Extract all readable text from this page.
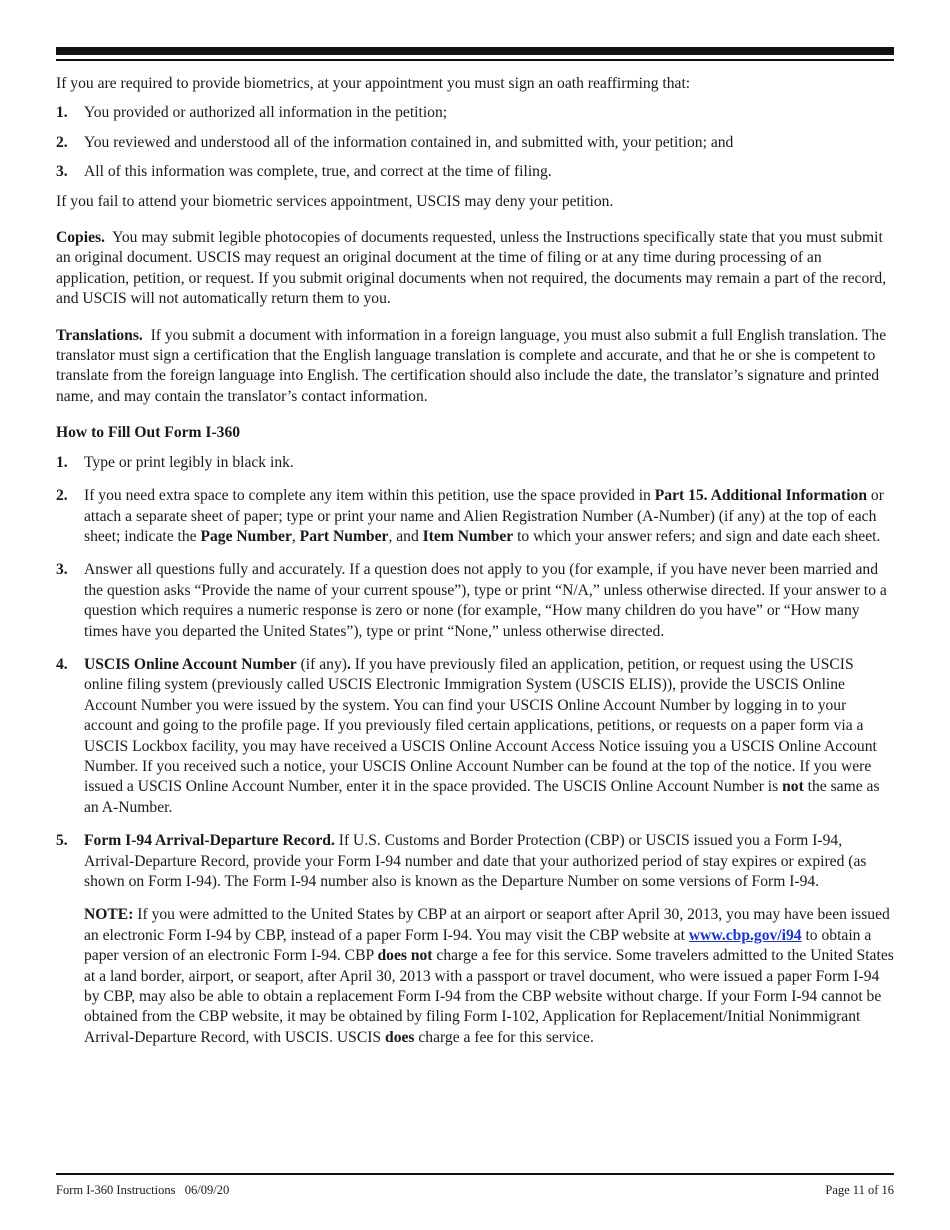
If you are required to provide biometrics, at your appointment you must sign an oath reaffirming that:

1.	You provided or authorized all information in the petition;
2.	You reviewed and understood all of the information contained in, and submitted with, your petition; and
3.	All of this information was complete, true, and correct at the time of filing.

If you fail to attend your biometric services appointment, USCIS may deny your petition.

Copies. You may submit legible photocopies of documents requested, unless the Instructions specifically state that you must submit an original document. USCIS may request an original document at the time of filing or at any time during processing of an application, petition, or request. If you submit original documents when not required, the documents may remain a part of the record, and USCIS will not automatically return them to you.

Translations. If you submit a document with information in a foreign language, you must also submit a full English translation. The translator must sign a certification that the English language translation is complete and accurate, and that he or she is competent to translate from the foreign language into English. The certification should also include the date, the translator’s signature and printed name, and may contain the translator’s contact information.

How to Fill Out Form I-360

1.	Type or print legibly in black ink.
2.	If you need extra space to complete any item within this petition, use the space provided in Part 15. Additional Information or attach a separate sheet of paper; type or print your name and Alien Registration Number (A-Number) (if any) at the top of each sheet; indicate the Page Number, Part Number, and Item Number to which your answer refers; and sign and date each sheet.
3.	Answer all questions fully and accurately. If a question does not apply to you (for example, if you have never been married and the question asks “Provide the name of your current spouse”), type or print “N/A,” unless otherwise directed. If your answer to a question which requires a numeric response is zero or none (for example, “How many children do you have” or “How many times have you departed the United States”), type or print “None,” unless otherwise directed.
4.	USCIS Online Account Number (if any). If you have previously filed an application, petition, or request using the USCIS online filing system (previously called USCIS Electronic Immigration System (USCIS ELIS)), provide the USCIS Online Account Number you were issued by the system. You can find your USCIS Online Account Number by logging in to your account and going to the profile page. If you previously filed certain applications, petitions, or requests on a paper form via a USCIS Lockbox facility, you may have received a USCIS Online Account Access Notice issuing you a USCIS Online Account Number. If you received such a notice, your USCIS Online Account Number can be found at the top of the notice. If you were issued a USCIS Online Account Number, enter it in the space provided. The USCIS Online Account Number is not the same as an A-Number.
5.	Form I-94 Arrival-Departure Record. If U.S. Customs and Border Protection (CBP) or USCIS issued you a Form I-94, Arrival-Departure Record, provide your Form I-94 number and date that your authorized period of stay expires or expired (as shown on Form I-94). The Form I-94 number also is known as the Departure Number on some versions of Form I-94.

NOTE: If you were admitted to the United States by CBP at an airport or seaport after April 30, 2013, you may have been issued an electronic Form I-94 by CBP, instead of a paper Form I-94. You may visit the CBP website at www.cbp.gov/i94 to obtain a paper version of an electronic Form I-94. CBP does not charge a fee for this service. Some travelers admitted to the United States at a land border, airport, or seaport, after April 30, 2013 with a passport or travel document, who were issued a paper Form I-94 by CBP, may also be able to obtain a replacement Form I-94 from the CBP website without charge. If your Form I-94 cannot be obtained from the CBP website, it may be obtained by filing Form I-102, Application for Replacement/Initial Nonimmigrant Arrival-Departure Record, with USCIS. USCIS does charge a fee for this service.

Form I-360 Instructions   06/09/20	Page 11 of 16
